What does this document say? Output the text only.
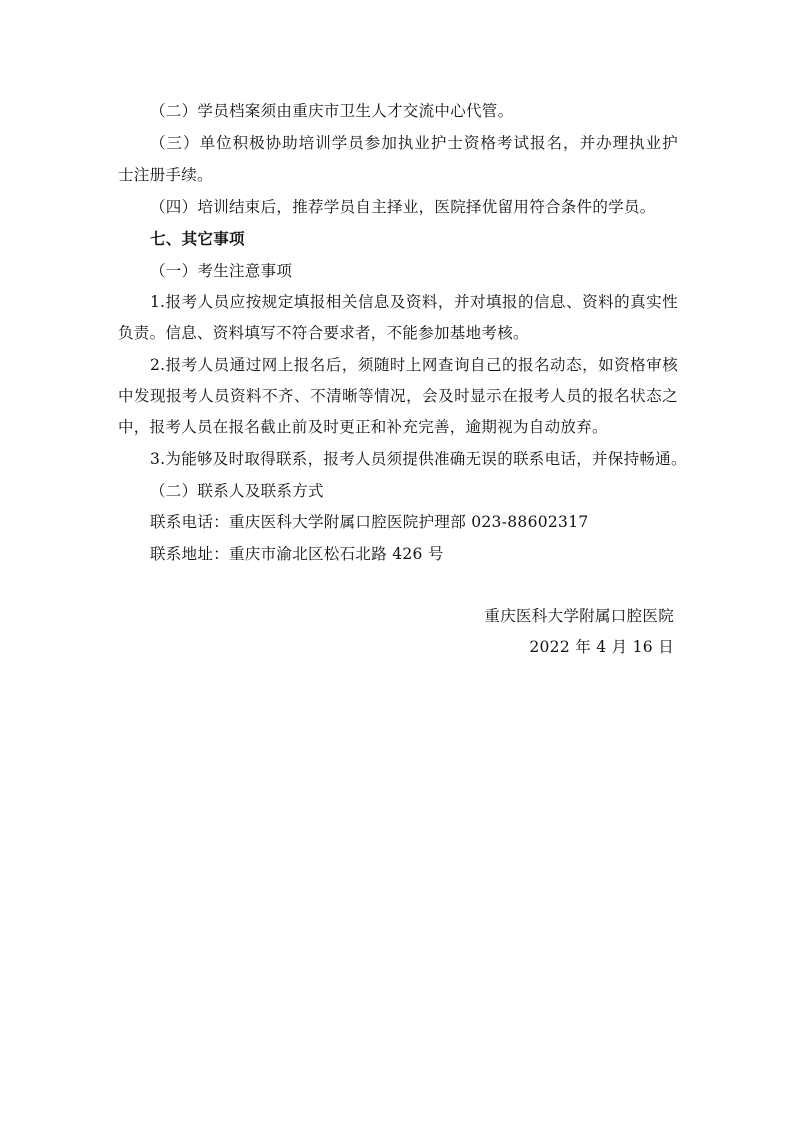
（二）学员档案须由重庆市卫生人才交流中心代管。
（三）单位积极协助培训学员参加执业护士资格考试报名，并办理执业护
士注册手续。
（四）培训结束后，推荐学员自主择业，医院择优留用符合条件的学员。
七、其它事项
（一）考生注意事项
1.报考人员应按规定填报相关信息及资料，并对填报的信息、资料的真实性
负责。信息、资料填写不符合要求者，不能参加基地考核。
2.报考人员通过网上报名后，须随时上网查询自己的报名动态，如资格审核
中发现报考人员资料不齐、不清晰等情况，会及时显示在报考人员的报名状态之
中，报考人员在报名截止前及时更正和补充完善，逾期视为自动放弃。
3.为能够及时取得联系，报考人员须提供准确无误的联系电话，并保持畅通。
（二）联系人及联系方式
联系电话：重庆医科大学附属口腔医院护理部 023-88602317
联系地址：重庆市渝北区松石北路 426 号
重庆医科大学附属口腔医院
2022 年 4 月 16 日
